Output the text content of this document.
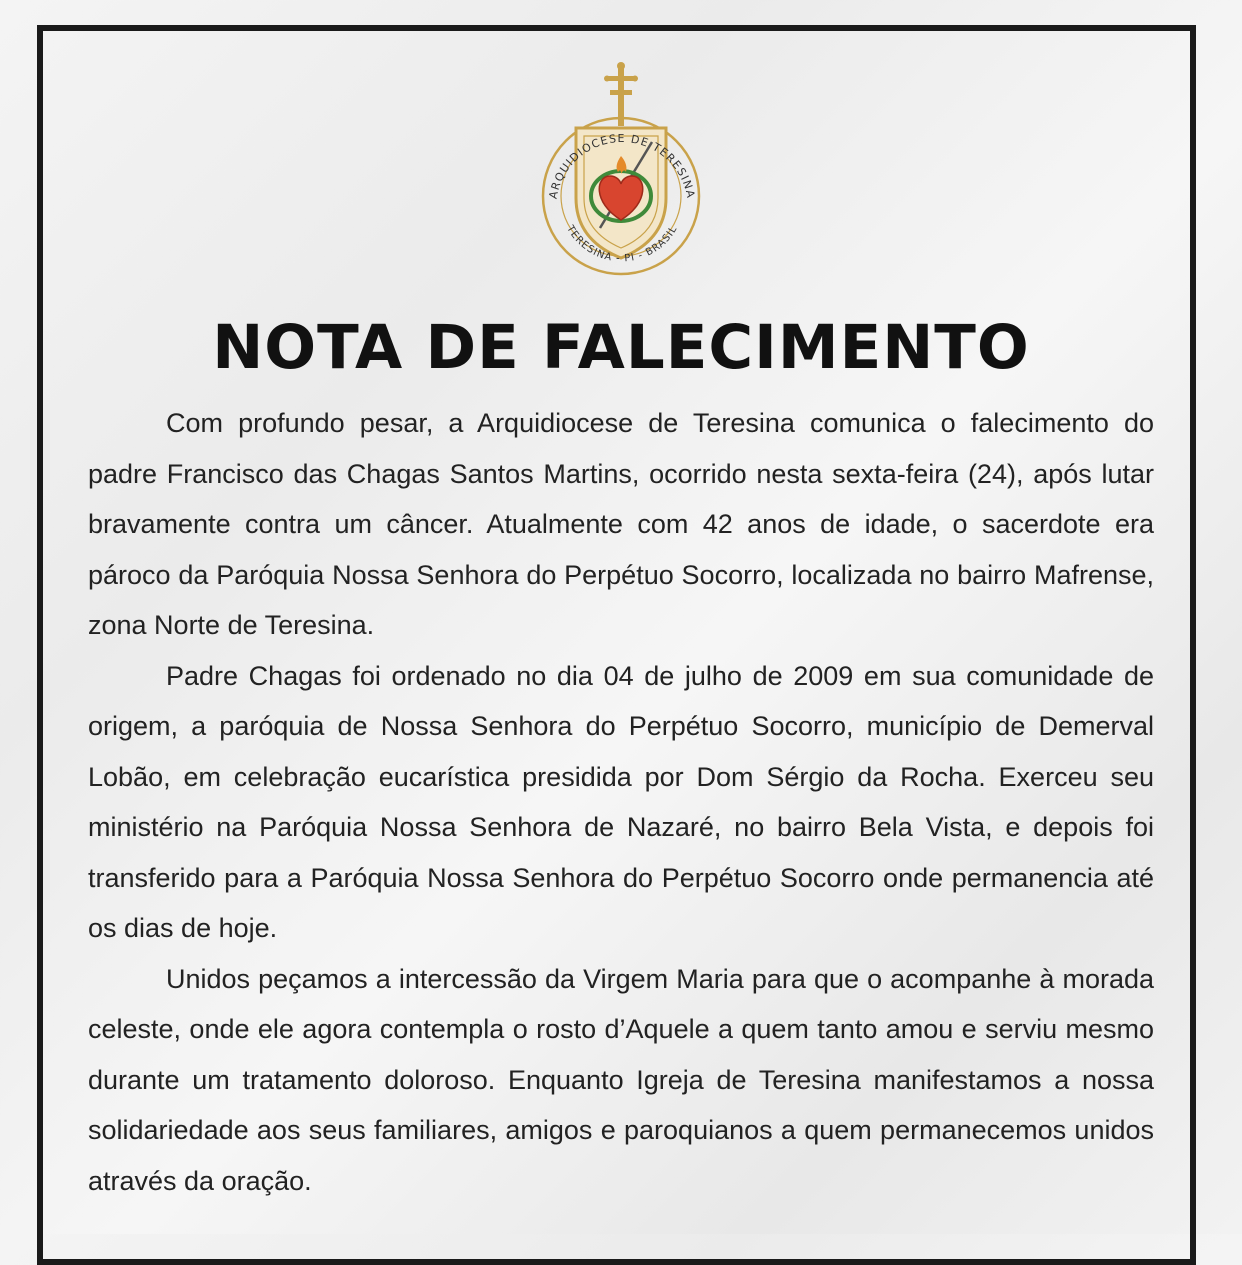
ARQUIDIOCESE DE TERESINA
TERESINA - PI - BRASIL
NOTA DE FALECIMENTO

Com profundo pesar, a Arquidiocese de Teresina comunica o falecimento do padre Francisco das Chagas Santos Martins, ocorrido nesta sexta-feira (24), após lutar bravamente contra um câncer. Atualmente com 42 anos de idade, o sacerdote era pároco da Paróquia Nossa Senhora do Perpétuo Socorro, localizada no bairro Mafrense, zona Norte de Teresina.

Padre Chagas foi ordenado no dia 04 de julho de 2009 em sua comunidade de origem, a paróquia de Nossa Senhora do Perpétuo Socorro, município de Demerval Lobão, em celebração eucarística presidida por Dom Sérgio da Rocha. Exerceu seu ministério na Paróquia Nossa Senhora de Nazaré, no bairro Bela Vista, e depois foi transferido para a Paróquia Nossa Senhora do Perpétuo Socorro onde permanencia até os dias de hoje.

Unidos peçamos a intercessão da Virgem Maria para que o acompanhe à morada celeste, onde ele agora contempla o rosto d’Aquele a quem tanto amou e serviu mesmo durante um tratamento doloroso. Enquanto Igreja de Teresina manifestamos a nossa solidariedade aos seus familiares, amigos e paroquianos a quem permanecemos unidos através da oração.
